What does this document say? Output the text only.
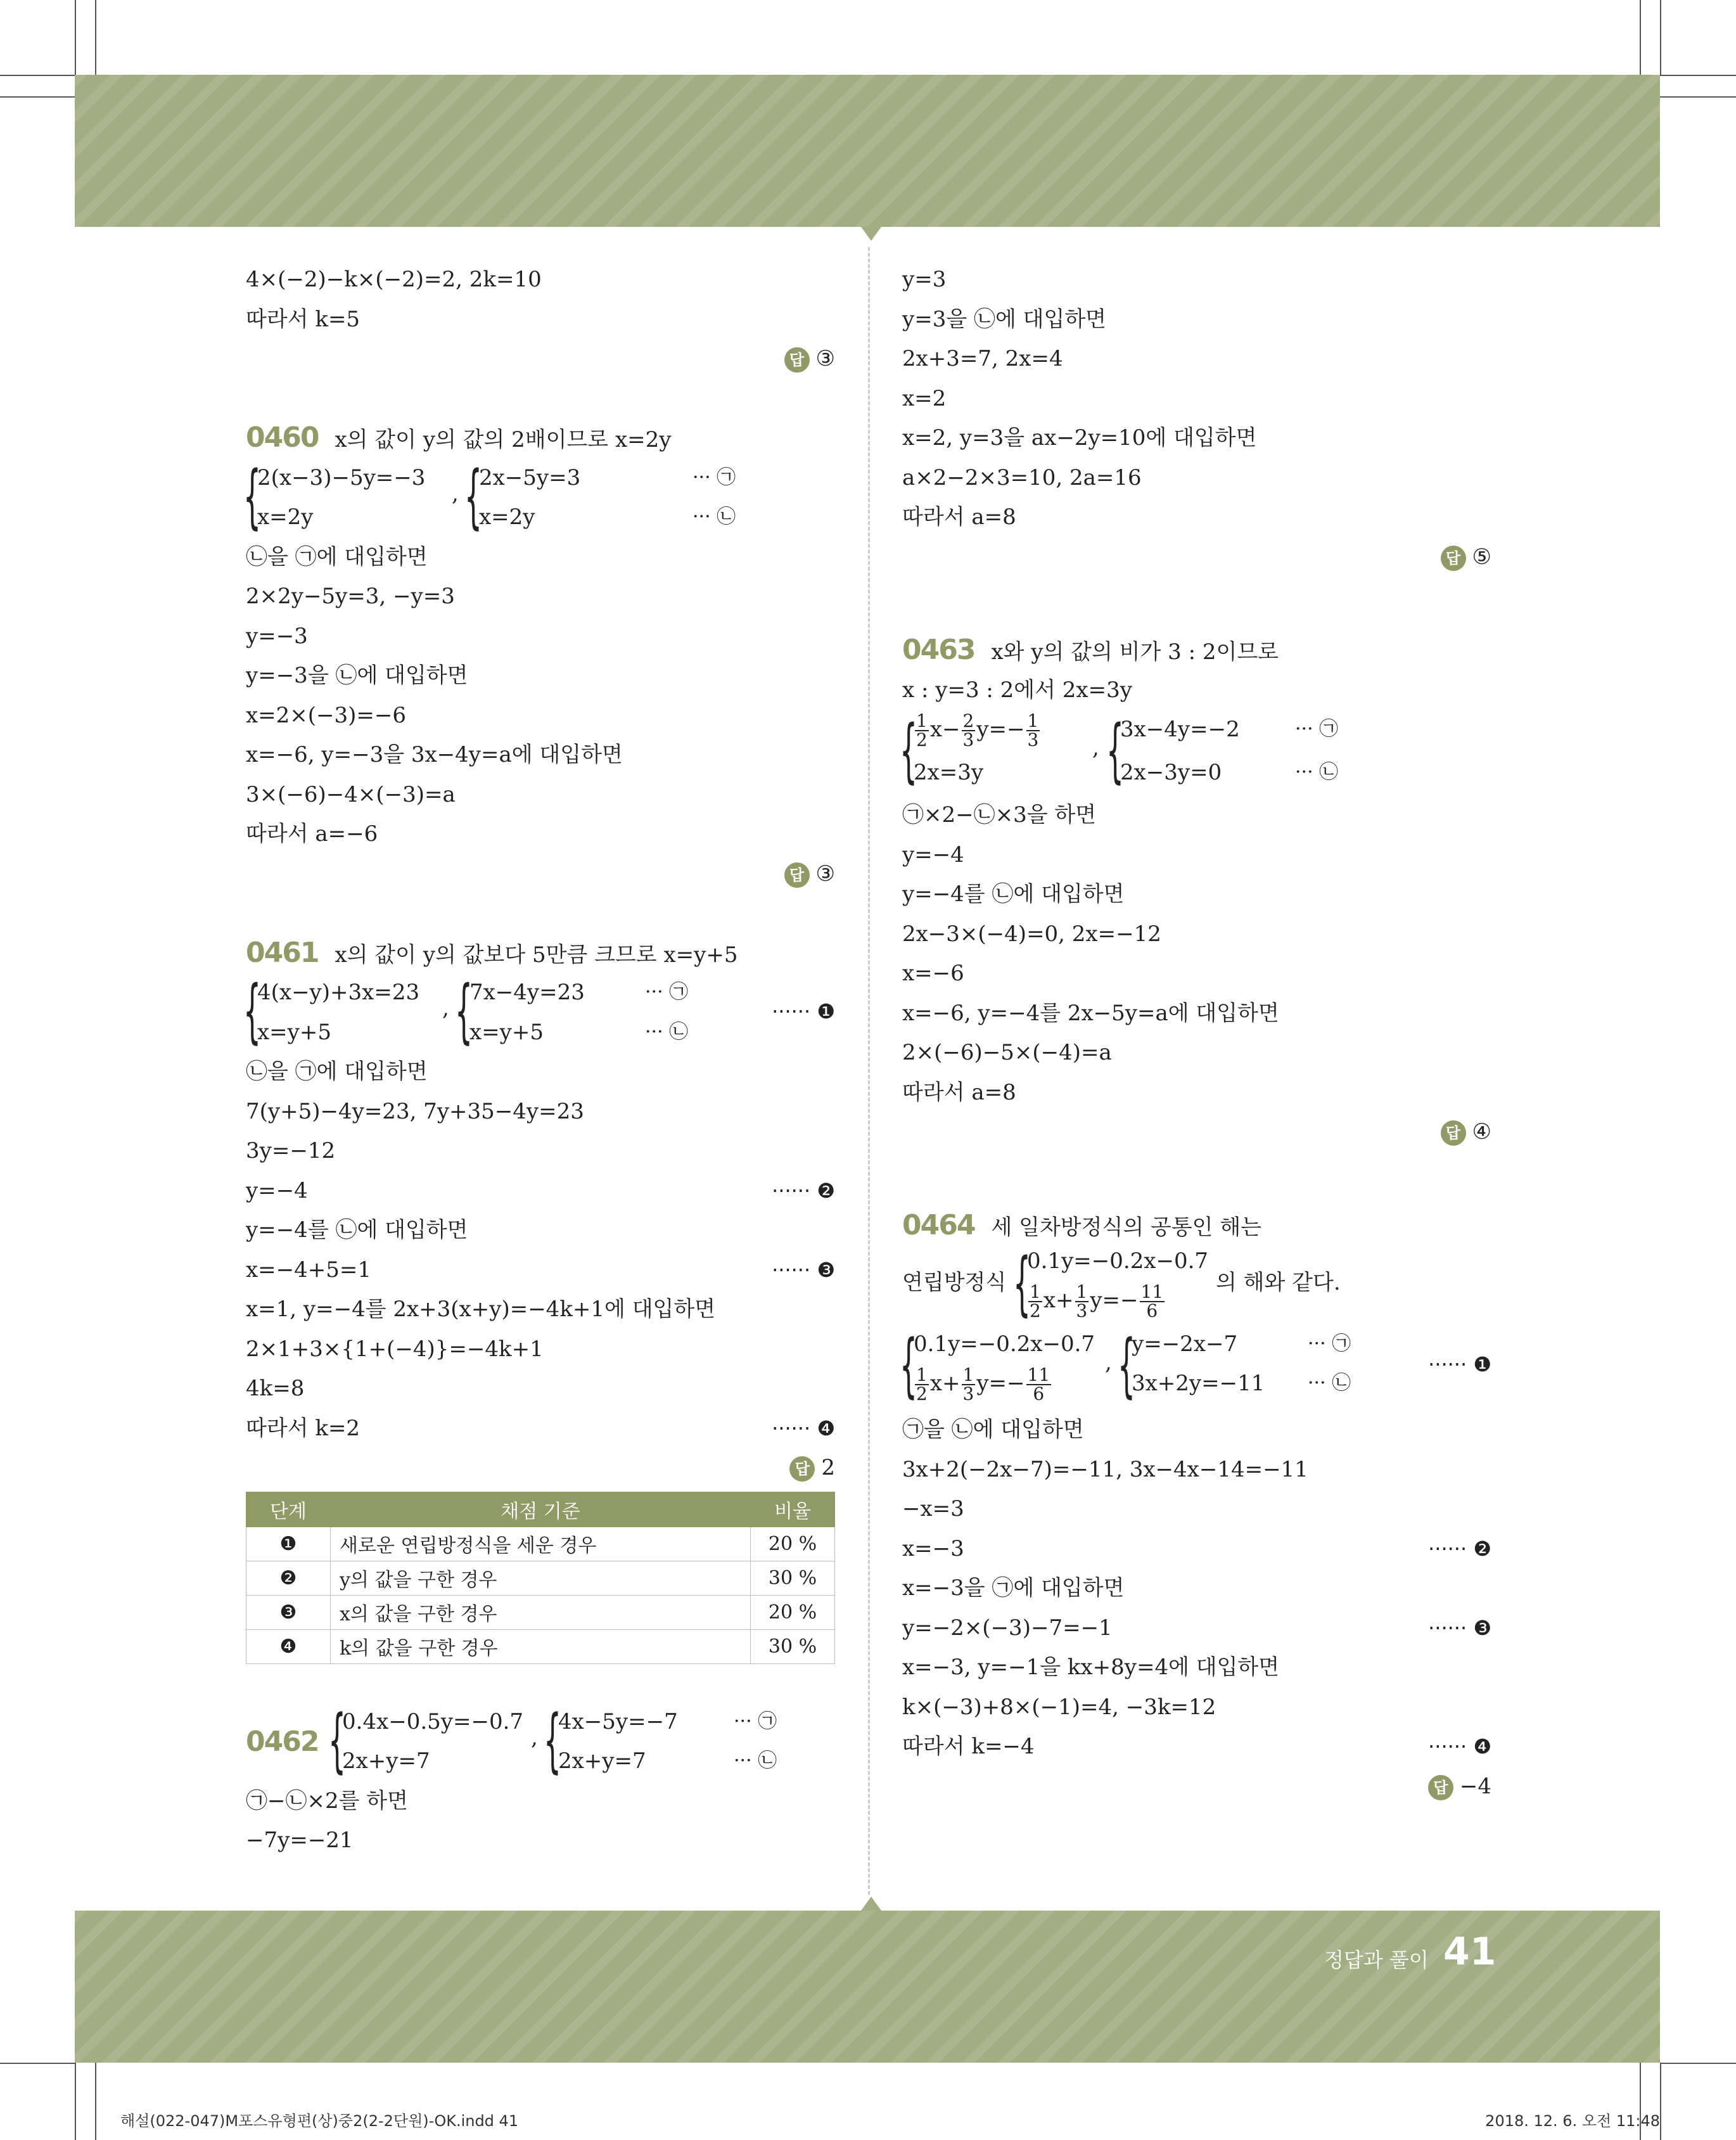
4×(−2)−k×(−2)=2, 2k=10
따라서 k=5
답 ③
0460 x의 값이 y의 값의 2배이므로 x=2y
{
2(x−3)−5y=−3
x=2y
, {
2x−5y=3
x=2y
··· ㉠
··· ㉡
㉡을 ㉠에 대입하면
2×2y−5y=3, −y=3
y=−3
y=−3을 ㉡에 대입하면
x=2×(−3)=−6
x=−6, y=−3을 3x−4y=a에 대입하면
3×(−6)−4×(−3)=a
따라서 a=−6
답 ③
0461 x의 값이 y의 값보다 5만큼 크므로 x=y+5
{
4(x−y)+3x=23
x=y+5
, {
7x−4y=23
x=y+5
··· ㉠
··· ㉡
······ ❶
㉡을 ㉠에 대입하면
7(y+5)−4y=23, 7y+35−4y=23
3y=−12
y=−4	······ ❷
y=−4를 ㉡에 대입하면
x=−4+5=1	······ ❸
x=1, y=−4를 2x+3(x+y)=−4k+1에 대입하면
2×1+3×{1+(−4)}=−4k+1
4k=8
따라서 k=2	······ ❹
답 2
단계	채점 기준	비율
❶	새로운 연립방정식을 세운 경우	20 %
❷	y의 값을 구한 경우	30 %
❸	x의 값을 구한 경우	20 %
❹	k의 값을 구한 경우	30 %
0462 {
0.4x−0.5y=−0.7
2x+y=7
, {
4x−5y=−7
2x+y=7
··· ㉠
··· ㉡
㉠−㉡×2를 하면
−7y=−21
y=3
y=3을 ㉡에 대입하면
2x+3=7, 2x=4
x=2
x=2, y=3을 ax−2y=10에 대입하면
a×2−2×3=10, 2a=16
따라서 a=8
답 ⑤
0463 x와 y의 값의 비가 3 : 2이므로
x : y=3 : 2에서 2x=3y
{
$\frac{1}{2} x- \frac{2}{3} y=- \frac{1}{3}$
2x=3y
, {
3x−4y=−2
2x−3y=0
··· ㉠
··· ㉡
㉠×2−㉡×3을 하면
y=−4
y=−4를 ㉡에 대입하면
2x−3×(−4)=0, 2x=−12
x=−6
x=−6, y=−4를 2x−5y=a에 대입하면
2×(−6)−5×(−4)=a
따라서 a=8
답 ④
0464 세 일차방정식의 공통인 해는
연립방정식 {
0.1y=−0.2x−0.7
$\frac{1}{2} x+ \frac{1}{3} y=- \frac{11}{6}$
의 해와 같다.
{
0.1y=−0.2x−0.7
$\frac{1}{2} x+ \frac{1}{3} y=- \frac{11}{6}$
, {
y=−2x−7
3x+2y=−11
··· ㉠
··· ㉡
······ ❶
㉠을 ㉡에 대입하면
3x+2(−2x−7)=−11, 3x−4x−14=−11
−x=3
x=−3	······ ❷
x=−3을 ㉠에 대입하면
y=−2×(−3)−7=−1	······ ❸
x=−3, y=−1을 kx+8y=4에 대입하면
k×(−3)+8×(−1)=4, −3k=12
따라서 k=−4	······ ❹
답 −4
정답과 풀이 41
해설(022-047)M포스유형편(상)중2(2-2단원)-OK.indd 41	2018. 12. 6. 오전 11:48
